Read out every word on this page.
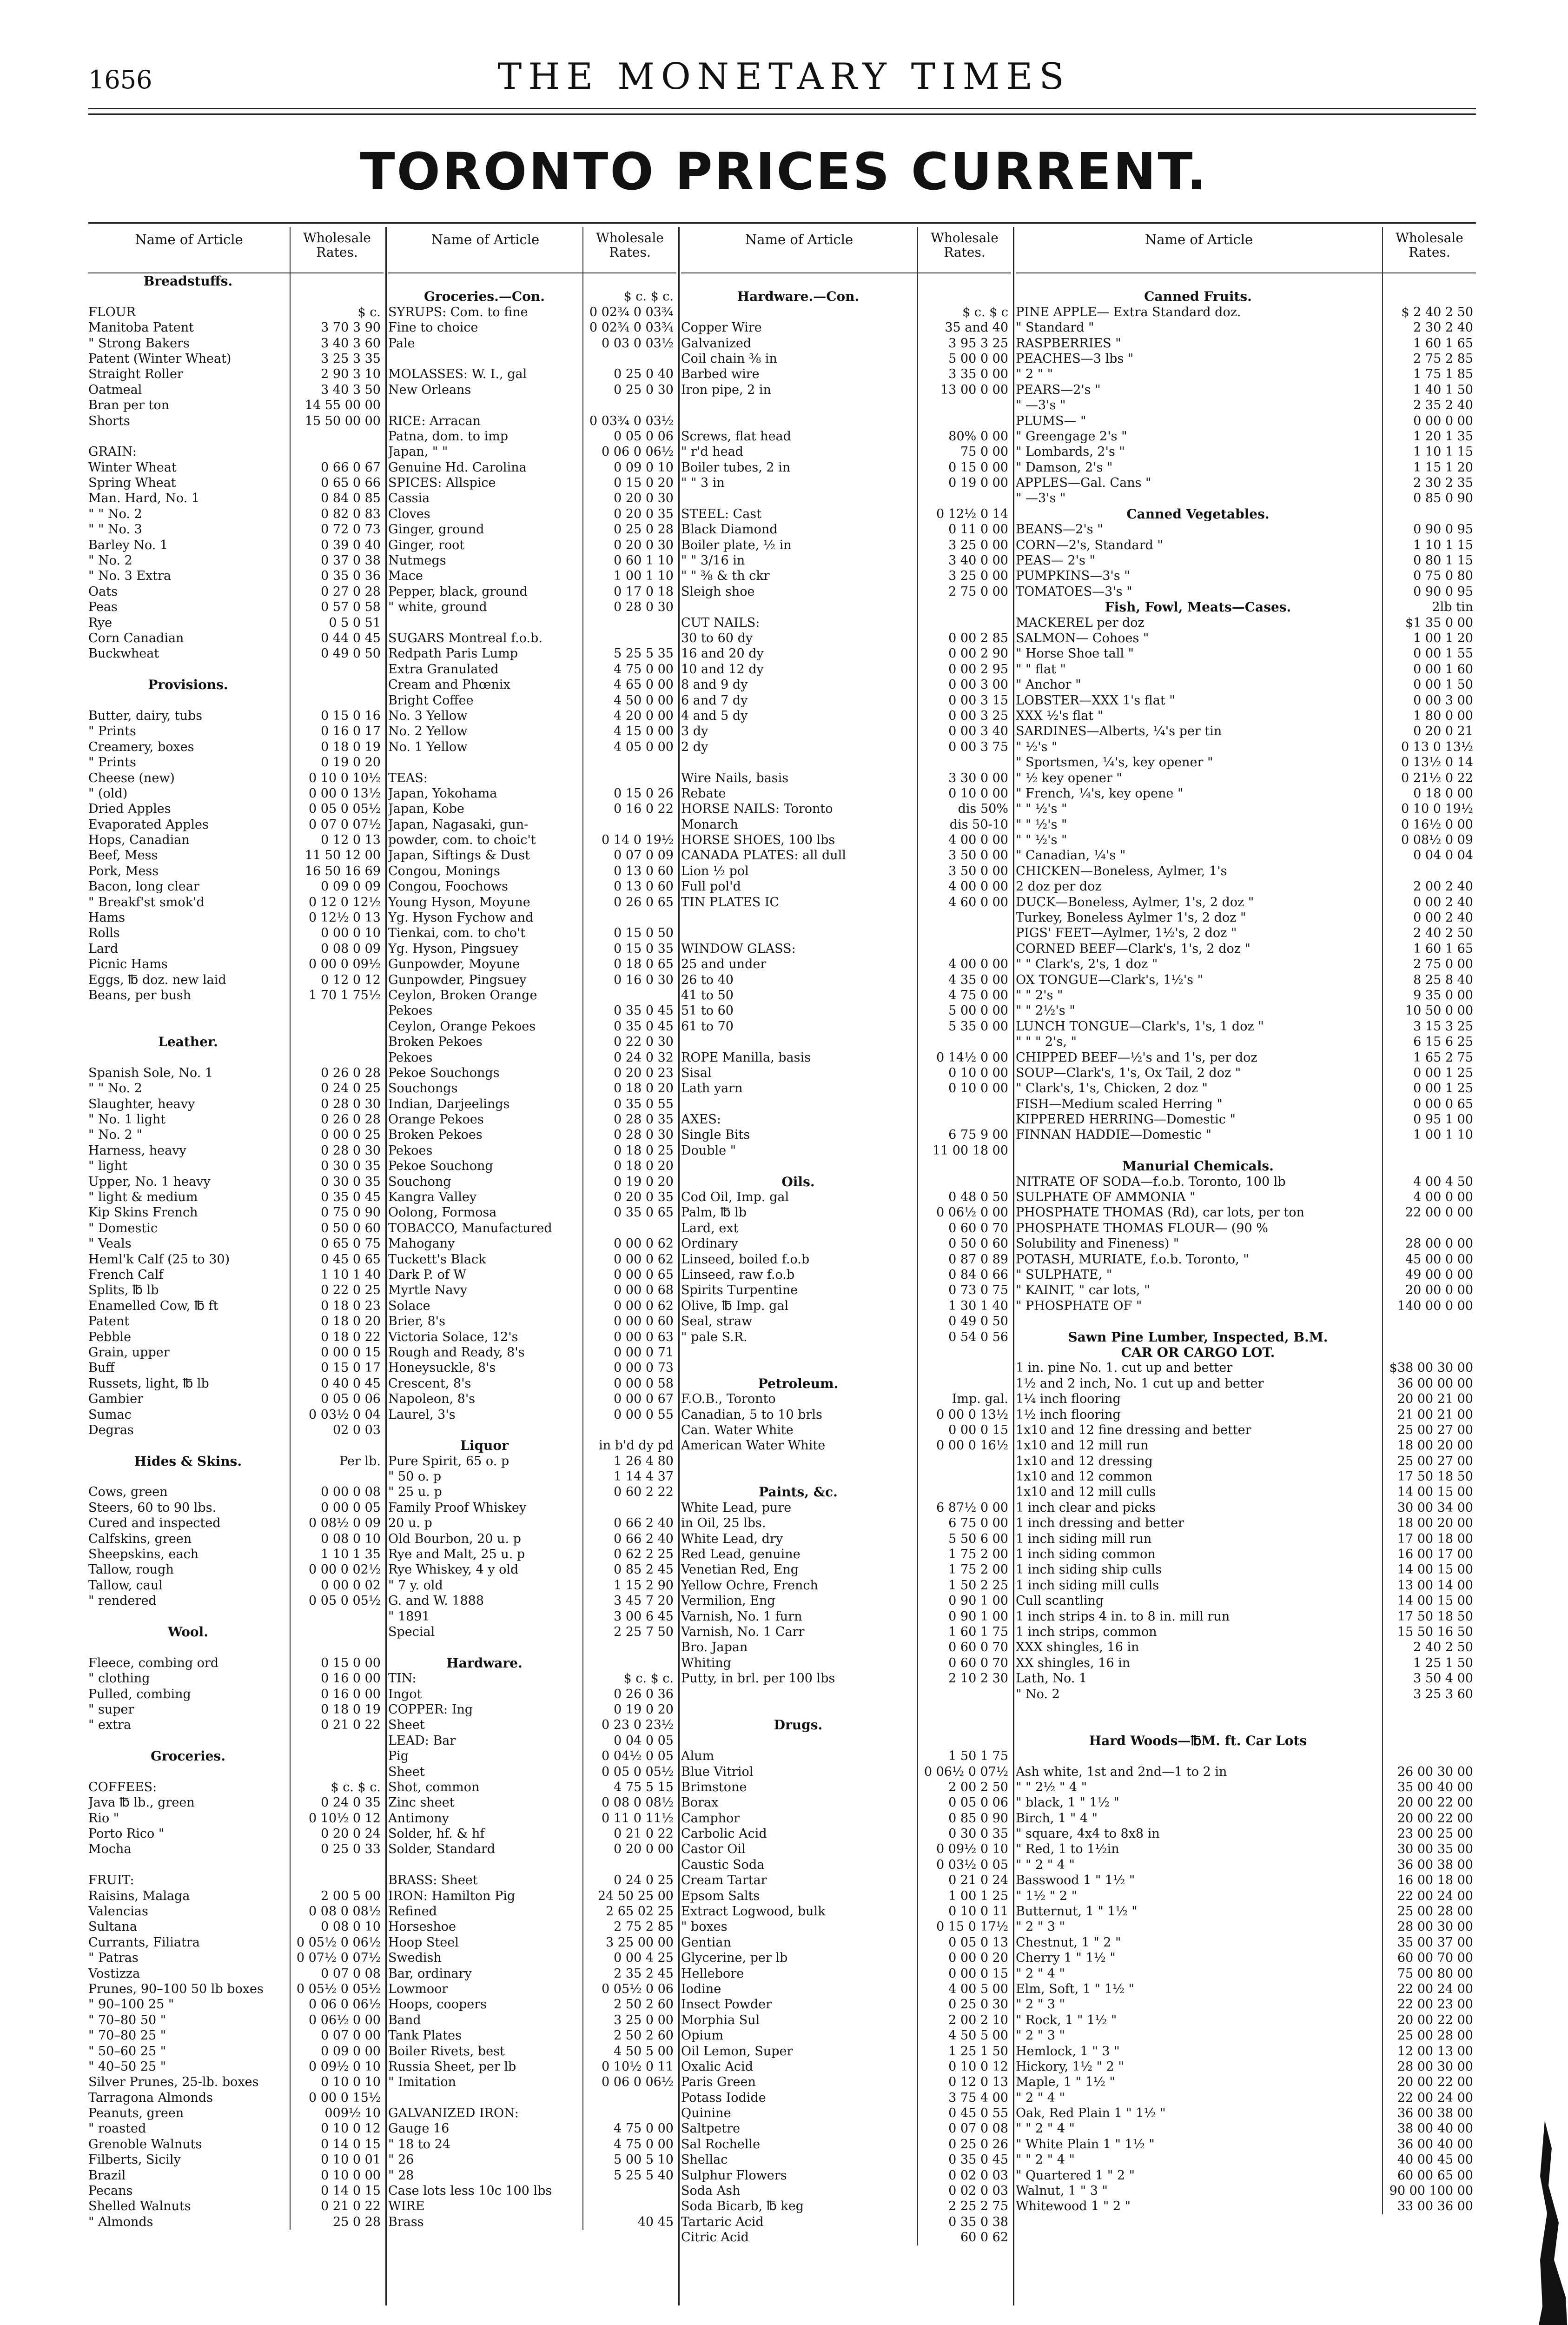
1656	THE MONETARY TIMES
TORONTO PRICES CURRENT.
Name of Article	Wholesale Rates.
Breadstuffs.
FLOUR	$ c.
Manitoba Patent	3 70 3 90
" Strong Bakers	3 40 3 60
Patent (Winter Wheat)	3 25 3 35
Straight Roller	2 90 3 10
Oatmeal	3 40 3 50
Bran per ton	14 55 00 00
Shorts	15 50 00 00
GRAIN:
Winter Wheat	0 66 0 67
Spring Wheat	0 65 0 66
Man. Hard, No. 1	0 84 0 85
" " No. 2	0 82 0 83
" " No. 3	0 72 0 73
Barley No. 1	0 39 0 40
" No. 2	0 37 0 38
" No. 3 Extra	0 35 0 36
Oats	0 27 0 28
Peas	0 57 0 58
Rye	0 5 0 51
Corn Canadian	0 44 0 45
Buckwheat	0 49 0 50
Provisions.
Butter, dairy, tubs	0 15 0 16
" Prints	0 16 0 17
Creamery, boxes	0 18 0 19
" Prints	0 19 0 20
Cheese (new)	0 10 0 10½
" (old)	0 00 0 13½
Dried Apples	0 05 0 05½
Evaporated Apples	0 07 0 07½
Hops, Canadian	0 12 0 13
Beef, Mess	11 50 12 00
Pork, Mess	16 50 16 69
Bacon, long clear	0 09 0 09
" Breakf'st smok'd	0 12 0 12½
Hams	0 12½ 0 13
Rolls	0 00 0 10
Lard	0 08 0 09
Picnic Hams	0 00 0 09½
Eggs, ℔ doz. new laid	0 12 0 12
Beans, per bush	1 70 1 75½
Leather.
Spanish Sole, No. 1	0 26 0 28
" " No. 2	0 24 0 25
Slaughter, heavy	0 28 0 30
" No. 1 light	0 26 0 28
" No. 2 "	0 00 0 25
Harness, heavy	0 28 0 30
" light	0 30 0 35
Upper, No. 1 heavy	0 30 0 35
" light & medium	0 35 0 45
Kip Skins French	0 75 0 90
" Domestic	0 50 0 60
" Veals	0 65 0 75
Heml'k Calf (25 to 30)	0 45 0 65
French Calf	1 10 1 40
Splits, ℔ lb	0 22 0 25
Enamelled Cow, ℔ ft	0 18 0 23
Patent	0 18 0 20
Pebble	0 18 0 22
Grain, upper	0 00 0 15
Buff	0 15 0 17
Russets, light, ℔ lb	0 40 0 45
Gambier	0 05 0 06
Sumac	0 03½ 0 04
Degras	02 0 03
Hides & Skins.	Per lb.
Cows, green	0 00 0 08
Steers, 60 to 90 lbs.	0 00 0 05
Cured and inspected	0 08½ 0 09
Calfskins, green	0 08 0 10
Sheepskins, each	1 10 1 35
Tallow, rough	0 00 0 02½
Tallow, caul	0 00 0 02
" rendered	0 05 0 05½
Wool.
Fleece, combing ord	0 15 0 00
" clothing	0 16 0 00
Pulled, combing	0 16 0 00
" super	0 18 0 19
" extra	0 21 0 22
Groceries.
COFFEES:	$ c. $ c.
Java ℔ lb., green	0 24 0 35
Rio "	0 10½ 0 12
Porto Rico "	0 20 0 24
Mocha	0 25 0 33
FRUIT:
Raisins, Malaga	2 00 5 00
Valencias	0 08 0 08½
Sultana	0 08 0 10
Currants, Filiatra	0 05½ 0 06½
" Patras	0 07½ 0 07½
Vostizza	0 07 0 08
Prunes, 90–100 50 lb boxes	0 05½ 0 05½
" 90–100 25 "	0 06 0 06½
" 70–80 50 "	0 06½ 0 00
" 70–80 25 "	0 07 0 00
" 50–60 25 "	0 09 0 00
" 40–50 25 "	0 09½ 0 10
Silver Prunes, 25-lb. boxes	0 10 0 10
Tarragona Almonds	0 00 0 15½
Peanuts, green	009½ 10
" roasted	0 10 0 12
Grenoble Walnuts	0 14 0 15
Filberts, Sicily	0 10 0 01
Brazil	0 10 0 00
Pecans	0 14 0 15
Shelled Walnuts	0 21 0 22
" Almonds	25 0 28
Name of Article	Wholesale Rates.
Groceries.—Con.	$ c. $ c.
SYRUPS: Com. to fine	0 02¾ 0 03¾
Fine to choice	0 02¾ 0 03¾
Pale	0 03 0 03½
MOLASSES: W. I., gal	0 25 0 40
New Orleans	0 25 0 30
RICE: Arracan	0 03¾ 0 03½
Patna, dom. to imp	0 05 0 06
Japan, " "	0 06 0 06½
Genuine Hd. Carolina	0 09 0 10
SPICES: Allspice	0 15 0 20
Cassia	0 20 0 30
Cloves	0 20 0 35
Ginger, ground	0 25 0 28
Ginger, root	0 20 0 30
Nutmegs	0 60 1 10
Mace	1 00 1 10
Pepper, black, ground	0 17 0 18
" white, ground	0 28 0 30
SUGARS Montreal f.o.b.
Redpath Paris Lump	5 25 5 35
Extra Granulated	4 75 0 00
Cream and Phœnix	4 65 0 00
Bright Coffee	4 50 0 00
No. 3 Yellow	4 20 0 00
No. 2 Yellow	4 15 0 00
No. 1 Yellow	4 05 0 00
TEAS:
Japan, Yokohama	0 15 0 26
Japan, Kobe	0 16 0 22
Japan, Nagasaki, gun-
powder, com. to choic't	0 14 0 19½
Japan, Siftings & Dust	0 07 0 09
Congou, Monings	0 13 0 60
Congou, Foochows	0 13 0 60
Young Hyson, Moyune	0 26 0 65
Yg. Hyson Fychow and
Tienkai, com. to cho't	0 15 0 50
Yg. Hyson, Pingsuey	0 15 0 35
Gunpowder, Moyune	0 18 0 65
Gunpowder, Pingsuey	0 16 0 30
Ceylon, Broken Orange
Pekoes	0 35 0 45
Ceylon, Orange Pekoes	0 35 0 45
Broken Pekoes	0 22 0 30
Pekoes	0 24 0 32
Pekoe Souchongs	0 20 0 23
Souchongs	0 18 0 20
Indian, Darjeelings	0 35 0 55
Orange Pekoes	0 28 0 35
Broken Pekoes	0 28 0 30
Pekoes	0 18 0 25
Pekoe Souchong	0 18 0 20
Souchong	0 19 0 20
Kangra Valley	0 20 0 35
Oolong, Formosa	0 35 0 65
TOBACCO, Manufactured
Mahogany	0 00 0 62
Tuckett's Black	0 00 0 62
Dark P. of W	0 00 0 65
Myrtle Navy	0 00 0 68
Solace	0 00 0 62
Brier, 8's	0 00 0 60
Victoria Solace, 12's	0 00 0 63
Rough and Ready, 8's	0 00 0 71
Honeysuckle, 8's	0 00 0 73
Crescent, 8's	0 00 0 58
Napoleon, 8's	0 00 0 67
Laurel, 3's	0 00 0 55
Liquor	in b'd dy pd
Pure Spirit, 65 o. p	1 26 4 80
" 50 o. p	1 14 4 37
" 25 u. p	0 60 2 22
Family Proof Whiskey
20 u. p	0 66 2 40
Old Bourbon, 20 u. p	0 66 2 40
Rye and Malt, 25 u. p	0 62 2 25
Rye Whiskey, 4 y old	0 85 2 45
" 7 y. old	1 15 2 90
G. and W. 1888	3 45 7 20
" 1891	3 00 6 45
Special	2 25 7 50
Hardware.
TIN:	$ c. $ c.
Ingot	0 26 0 36
COPPER: Ing	0 19 0 20
Sheet	0 23 0 23½
LEAD: Bar	0 04 0 05
Pig	0 04½ 0 05
Sheet	0 05 0 05½
Shot, common	4 75 5 15
Zinc sheet	0 08 0 08½
Antimony	0 11 0 11½
Solder, hf. & hf	0 21 0 22
Solder, Standard	0 20 0 00
BRASS: Sheet	0 24 0 25
IRON: Hamilton Pig	24 50 25 00
Refined	2 65 02 25
Horseshoe	2 75 2 85
Hoop Steel	3 25 00 00
Swedish	0 00 4 25
Bar, ordinary	2 35 2 45
Lowmoor	0 05½ 0 06
Hoops, coopers	2 50 2 60
Band	3 25 0 00
Tank Plates	2 50 2 60
Boiler Rivets, best	4 50 5 00
Russia Sheet, per lb	0 10½ 0 11
" Imitation	0 06 0 06½
GALVANIZED IRON:
Gauge 16	4 75 0 00
" 18 to 24	4 75 0 00
" 26	5 00 5 10
" 28	5 25 5 40
Case lots less 10c 100 lbs
WIRE
Brass	40 45
Name of Article	Wholesale Rates.
Hardware.—Con.
$ c. $ c
Copper Wire	35 and 40
Galvanized	3 95 3 25
Coil chain ⅜ in	5 00 0 00
Barbed wire	3 35 0 00
Iron pipe, 2 in	13 00 0 00
Screws, flat head	80% 0 00
" r'd head	75 0 00
Boiler tubes, 2 in	0 15 0 00
" " 3 in	0 19 0 00
STEEL: Cast	0 12½ 0 14
Black Diamond	0 11 0 00
Boiler plate, ½ in	3 25 0 00
" " 3/16 in	3 40 0 00
" " ⅜ & th ckr	3 25 0 00
Sleigh shoe	2 75 0 00
CUT NAILS:
30 to 60 dy	0 00 2 85
16 and 20 dy	0 00 2 90
10 and 12 dy	0 00 2 95
8 and 9 dy	0 00 3 00
6 and 7 dy	0 00 3 15
4 and 5 dy	0 00 3 25
3 dy	0 00 3 40
2 dy	0 00 3 75
Wire Nails, basis	3 30 0 00
Rebate	0 10 0 00
HORSE NAILS: Toronto	dis 50%
Monarch	dis 50-10
HORSE SHOES, 100 lbs	4 00 0 00
CANADA PLATES: all dull	3 50 0 00
Lion ½ pol	3 50 0 00
Full pol'd	4 00 0 00
TIN PLATES IC	4 60 0 00
WINDOW GLASS:
25 and under	4 00 0 00
26 to 40	4 35 0 00
41 to 50	4 75 0 00
51 to 60	5 00 0 00
61 to 70	5 35 0 00
ROPE Manilla, basis	0 14½ 0 00
Sisal	0 10 0 00
Lath yarn	0 10 0 00
AXES:
Single Bits	6 75 9 00
Double "	11 00 18 00
Oils.
Cod Oil, Imp. gal	0 48 0 50
Palm, ℔ lb	0 06½ 0 00
Lard, ext	0 60 0 70
Ordinary	0 50 0 60
Linseed, boiled f.o.b	0 87 0 89
Linseed, raw f.o.b	0 84 0 66
Spirits Turpentine	0 73 0 75
Olive, ℔ Imp. gal	1 30 1 40
Seal, straw	0 49 0 50
" pale S.R.	0 54 0 56
Petroleum.
F.O.B., Toronto	Imp. gal.
Canadian, 5 to 10 brls	0 00 0 13½
Can. Water White	0 00 0 15
American Water White	0 00 0 16½
Paints, &c.
White Lead, pure	6 87½ 0 00
in Oil, 25 lbs.	6 75 0 00
White Lead, dry	5 50 6 00
Red Lead, genuine	1 75 2 00
Venetian Red, Eng	1 75 2 00
Yellow Ochre, French	1 50 2 25
Vermilion, Eng	0 90 1 00
Varnish, No. 1 furn	0 90 1 00
Varnish, No. 1 Carr	1 60 1 75
Bro. Japan	0 60 0 70
Whiting	0 60 0 70
Putty, in brl. per 100 lbs	2 10 2 30
Drugs.
Alum	1 50 1 75
Blue Vitriol	0 06½ 0 07½
Brimstone	2 00 2 50
Borax	0 05 0 06
Camphor	0 85 0 90
Carbolic Acid	0 30 0 35
Castor Oil	0 09½ 0 10
Caustic Soda	0 03½ 0 05
Cream Tartar	0 21 0 24
Epsom Salts	1 00 1 25
Extract Logwood, bulk	0 10 0 11
" boxes	0 15 0 17½
Gentian	0 05 0 13
Glycerine, per lb	0 00 0 20
Hellebore	0 00 0 15
Iodine	4 00 5 00
Insect Powder	0 25 0 30
Morphia Sul	2 00 2 10
Opium	4 50 5 00
Oil Lemon, Super	1 25 1 50
Oxalic Acid	0 10 0 12
Paris Green	0 12 0 13
Potass Iodide	3 75 4 00
Quinine	0 45 0 55
Saltpetre	0 07 0 08
Sal Rochelle	0 25 0 26
Shellac	0 35 0 45
Sulphur Flowers	0 02 0 03
Soda Ash	0 02 0 03
Soda Bicarb, ℔ keg	2 25 2 75
Tartaric Acid	0 35 0 38
Citric Acid	60 0 62
Name of Article	Wholesale Rates.
Canned Fruits.
PINE APPLE— Extra Standard doz.	$ 2 40 2 50
" Standard "	2 30 2 40
RASPBERRIES "	1 60 1 65
PEACHES—3 lbs "	2 75 2 85
" 2 " "	1 75 1 85
PEARS—2's "	1 40 1 50
" —3's "	2 35 2 40
PLUMS— "	0 00 0 00
" Greengage 2's "	1 20 1 35
" Lombards, 2's "	1 10 1 15
" Damson, 2's "	1 15 1 20
APPLES—Gal. Cans "	2 30 2 35
" —3's "	0 85 0 90
Canned Vegetables.
BEANS—2's "	0 90 0 95
CORN—2's, Standard "	1 10 1 15
PEAS— 2's "	0 80 1 15
PUMPKINS—3's "	0 75 0 80
TOMATOES—3's "	0 90 0 95
Fish, Fowl, Meats—Cases.	2lb tin
MACKEREL per doz	$1 35 0 00
SALMON— Cohoes "	1 00 1 20
" Horse Shoe tall "	0 00 1 55
" " flat "	0 00 1 60
" Anchor "	0 00 1 50
LOBSTER—XXX 1's flat "	0 00 3 00
XXX ½'s flat "	1 80 0 00
SARDINES—Alberts, ¼'s per tin	0 20 0 21
" ½'s "	0 13 0 13½
" Sportsmen, ¼'s, key opener "	0 13½ 0 14
" ½ key opener "	0 21½ 0 22
" French, ¼'s, key opene "	0 18 0 00
" " ½'s "	0 10 0 19½
" " ½'s "	0 16½ 0 00
" " ½'s "	0 08½ 0 09
" Canadian, ¼'s "	0 04 0 04
CHICKEN—Boneless, Aylmer, 1's
2 doz per doz	2 00 2 40
DUCK—Boneless, Aylmer, 1's, 2 doz "	0 00 2 40
Turkey, Boneless Aylmer 1's, 2 doz "	0 00 2 40
PIGS' FEET—Aylmer, 1½'s, 2 doz "	2 40 2 50
CORNED BEEF—Clark's, 1's, 2 doz "	1 60 1 65
" " Clark's, 2's, 1 doz "	2 75 0 00
OX TONGUE—Clark's, 1½'s "	8 25 8 40
" " 2's "	9 35 0 00
" " 2½'s "	10 50 0 00
LUNCH TONGUE—Clark's, 1's, 1 doz "	3 15 3 25
" " " 2's, "	6 15 6 25
CHIPPED BEEF—½'s and 1's, per doz	1 65 2 75
SOUP—Clark's, 1's, Ox Tail, 2 doz "	0 00 1 25
" Clark's, 1's, Chicken, 2 doz "	0 00 1 25
FISH—Medium scaled Herring "	0 00 0 65
KIPPERED HERRING—Domestic "	0 95 1 00
FINNAN HADDIE—Domestic "	1 00 1 10
Manurial Chemicals.
NITRATE OF SODA—f.o.b. Toronto, 100 lb	4 00 4 50
SULPHATE OF AMMONIA "	4 00 0 00
PHOSPHATE THOMAS (Rd), car lots, per ton	22 00 0 00
PHOSPHATE THOMAS FLOUR— (90 %
Solubility and Fineness) "	28 00 0 00
POTASH, MURIATE, f.o.b. Toronto, "	45 00 0 00
" SULPHATE, "	49 00 0 00
" KAINIT, " car lots, "	20 00 0 00
" PHOSPHATE OF "	140 00 0 00
Sawn Pine Lumber, Inspected, B.M.
CAR OR CARGO LOT.
1 in. pine No. 1. cut up and better	$38 00 30 00
1½ and 2 inch, No. 1 cut up and better	36 00 00 00
1¼ inch flooring	20 00 21 00
1½ inch flooring	21 00 21 00
1x10 and 12 fine dressing and better	25 00 27 00
1x10 and 12 mill run	18 00 20 00
1x10 and 12 dressing	25 00 27 00
1x10 and 12 common	17 50 18 50
1x10 and 12 mill culls	14 00 15 00
1 inch clear and picks	30 00 34 00
1 inch dressing and better	18 00 20 00
1 inch siding mill run	17 00 18 00
1 inch siding common	16 00 17 00
1 inch siding ship culls	14 00 15 00
1 inch siding mill culls	13 00 14 00
Cull scantling	14 00 15 00
1 inch strips 4 in. to 8 in. mill run	17 50 18 50
1 inch strips, common	15 50 16 50
XXX shingles, 16 in	2 40 2 50
XX shingles, 16 in	1 25 1 50
Lath, No. 1	3 50 4 00
" No. 2	3 25 3 60
Hard Woods—℔M. ft. Car Lots
Ash white, 1st and 2nd—1 to 2 in	26 00 30 00
" " 2½ " 4 "	35 00 40 00
" black, 1 " 1½ "	20 00 22 00
Birch, 1 " 4 "	20 00 22 00
" square, 4x4 to 8x8 in	23 00 25 00
" Red, 1 to 1½in	30 00 35 00
" " 2 " 4 "	36 00 38 00
Basswood 1 " 1½ "	16 00 18 00
" 1½ " 2 "	22 00 24 00
Butternut, 1 " 1½ "	25 00 28 00
" 2 " 3 "	28 00 30 00
Chestnut, 1 " 2 "	35 00 37 00
Cherry 1 " 1½ "	60 00 70 00
" 2 " 4 "	75 00 80 00
Elm, Soft, 1 " 1½ "	22 00 24 00
" 2 " 3 "	22 00 23 00
" Rock, 1 " 1½ "	20 00 22 00
" 2 " 3 "	25 00 28 00
Hemlock, 1 " 3 "	12 00 13 00
Hickory, 1½ " 2 "	28 00 30 00
Maple, 1 " 1½ "	20 00 22 00
" 2 " 4 "	22 00 24 00
Oak, Red Plain 1 " 1½ "	36 00 38 00
" " 2 " 4 "	38 00 40 00
" White Plain 1 " 1½ "	36 00 40 00
" " 2 " 4 "	40 00 45 00
" Quartered 1 " 2 "	60 00 65 00
Walnut, 1 " 3 "	90 00 100 00
Whitewood 1 " 2 "	33 00 36 00
